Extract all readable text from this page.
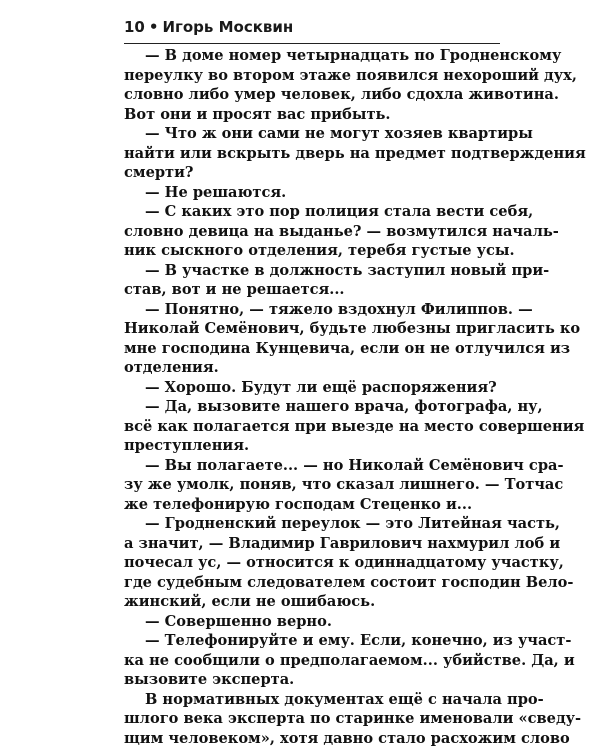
10 • Игорь Москвин
— В доме номер четырнадцать по Гродненскому
переулку во втором этаже появился нехороший дух,
словно либо умер человек, либо сдохла животина.
Вот они и просят вас прибыть.
— Что ж они сами не могут хозяев квартиры
найти или вскрыть дверь на предмет подтверждения
смерти?
— Не решаются.
— С каких это пор полиция стала вести себя,
словно девица на выданье? — возмутился началь-
ник сыскного отделения, теребя густые усы.
— В участке в должность заступил новый при-
став, вот и не решается...
— Понятно, — тяжело вздохнул Филиппов. —
Николай Семёнович, будьте любезны пригласить ко
мне господина Кунцевича, если он не отлучился из
отделения.
— Хорошо. Будут ли ещё распоряжения?
— Да, вызовите нашего врача, фотографа, ну,
всё как полагается при выезде на место совершения
преступления.
— Вы полагаете... — но Николай Семёнович сра-
зу же умолк, поняв, что сказал лишнего. — Тотчас
же телефонирую господам Стеценко и...
— Гродненский переулок — это Литейная часть,
а значит, — Владимир Гаврилович нахмурил лоб и
почесал ус, — относится к одиннадцатому участку,
где судебным следователем состоит господин Вело-
жинский, если не ошибаюсь.
— Совершенно верно.
— Телефонируйте и ему. Если, конечно, из участ-
ка не сообщили о предполагаемом... убийстве. Да, и
вызовите эксперта.
В нормативных документах ещё с начала про-
шлого века эксперта по старинке именовали «сведу-
щим человеком», хотя давно стало расхожим слово
